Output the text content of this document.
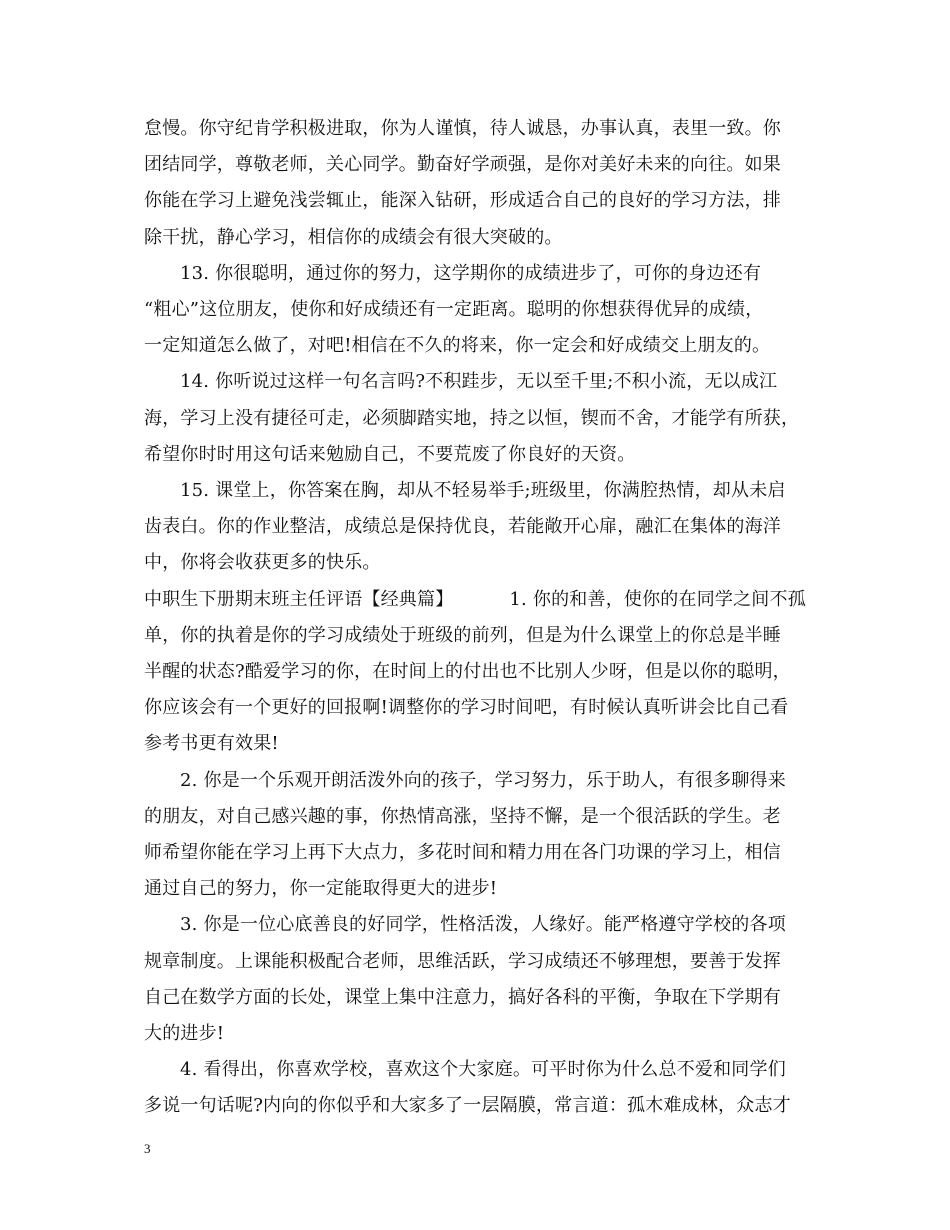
怠慢。你守纪肯学积极进取，你为人谨慎，待人诚恳，办事认真，表里一致。你
团结同学，尊敬老师，关心同学。勤奋好学顽强，是你对美好未来的向往。如果
你能在学习上避免浅尝辄止，能深入钻研，形成适合自己的良好的学习方法，排
除干扰，静心学习，相信你的成绩会有很大突破的。
13. 你很聪明，通过你的努力，这学期你的成绩进步了，可你的身边还有
“粗心”这位朋友，使你和好成绩还有一定距离。聪明的你想获得优异的成绩，
一定知道怎么做了，对吧!相信在不久的将来，你一定会和好成绩交上朋友的。
14. 你听说过这样一句名言吗?不积跬步，无以至千里;不积小流，无以成江
海，学习上没有捷径可走，必须脚踏实地，持之以恒，锲而不舍，才能学有所获，
希望你时时用这句话来勉励自己，不要荒废了你良好的天资。
15. 课堂上，你答案在胸，却从不轻易举手;班级里，你满腔热情，却从未启
齿表白。你的作业整洁，成绩总是保持优良，若能敞开心扉，融汇在集体的海洋
中，你将会收获更多的快乐。
中职生下册期末班主任评语【经典篇】	1. 你的和善，使你的在同学之间不孤
单，你的执着是你的学习成绩处于班级的前列，但是为什么课堂上的你总是半睡
半醒的状态?酷爱学习的你，在时间上的付出也不比别人少呀，但是以你的聪明，
你应该会有一个更好的回报啊!调整你的学习时间吧，有时候认真听讲会比自己看
参考书更有效果!
2. 你是一个乐观开朗活泼外向的孩子，学习努力，乐于助人，有很多聊得来
的朋友，对自己感兴趣的事，你热情高涨，坚持不懈，是一个很活跃的学生。老
师希望你能在学习上再下大点力，多花时间和精力用在各门功课的学习上，相信
通过自己的努力，你一定能取得更大的进步!
3. 你是一位心底善良的好同学，性格活泼，人缘好。能严格遵守学校的各项
规章制度。上课能积极配合老师，思维活跃，学习成绩还不够理想，要善于发挥
自己在数学方面的长处，课堂上集中注意力，搞好各科的平衡，争取在下学期有
大的进步!
4. 看得出，你喜欢学校，喜欢这个大家庭。可平时你为什么总不爱和同学们
多说一句话呢?内向的你似乎和大家多了一层隔膜，常言道：孤木难成林，众志才
3
